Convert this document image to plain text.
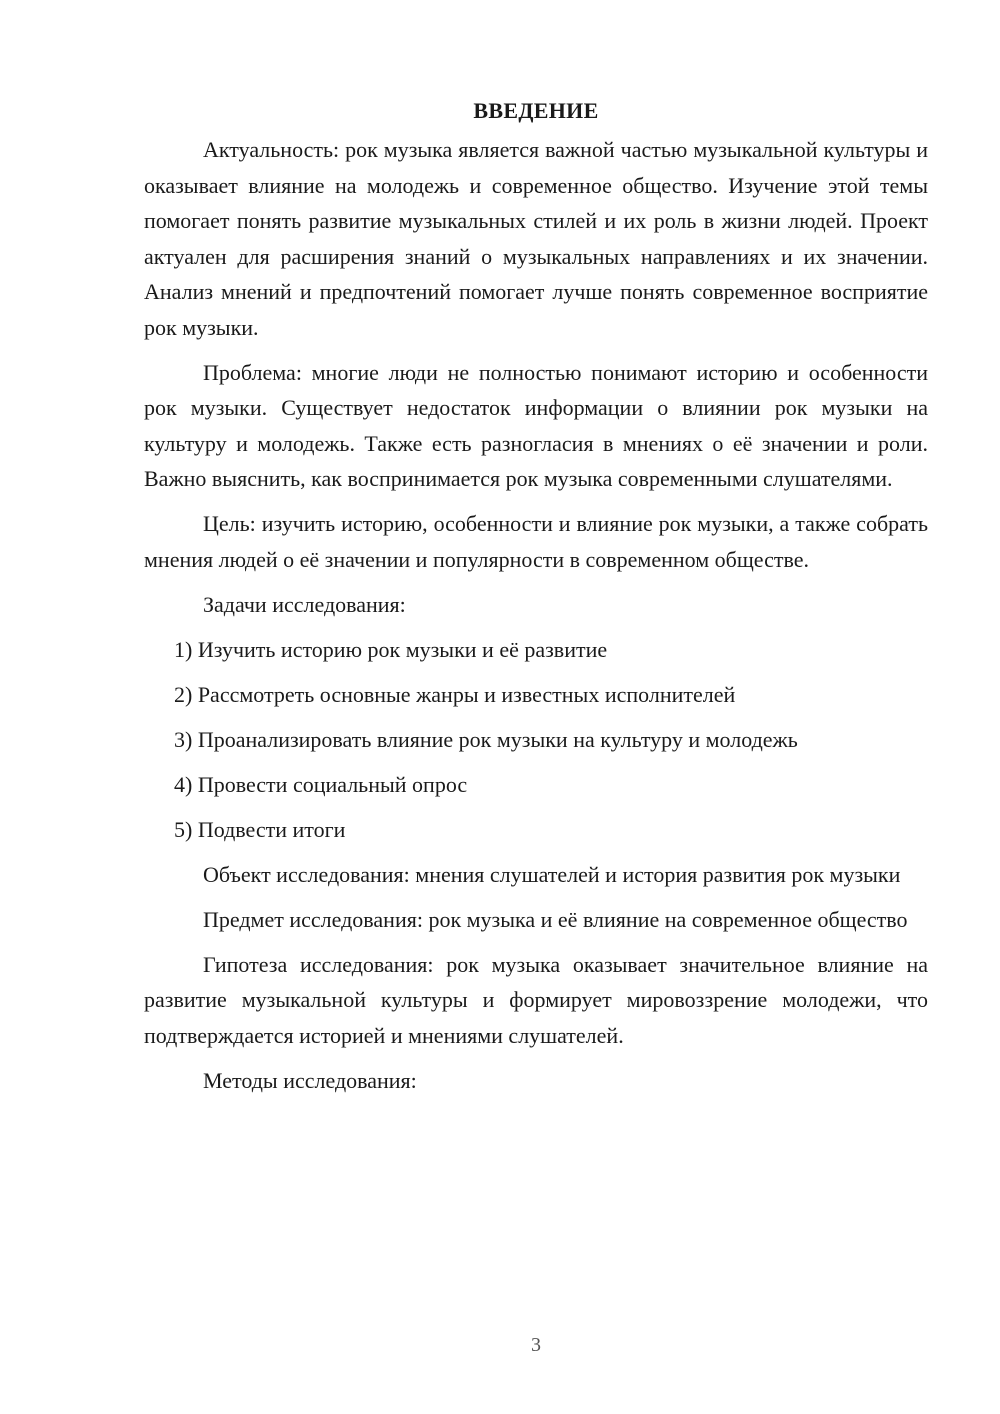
ВВЕДЕНИЕ

Актуальность: рок музыка является важной частью музыкальной культуры и оказывает влияние на молодежь и современное общество. Изучение этой темы помогает понять развитие музыкальных стилей и их роль в жизни людей. Проект актуален для расширения знаний о музыкальных направлениях и их значении. Анализ мнений и предпочтений помогает лучше понять современное восприятие рок музыки.

Проблема: многие люди не полностью понимают историю и особенности рок музыки. Существует недостаток информации о влиянии рок музыки на культуру и молодежь. Также есть разногласия в мнениях о её значении и роли. Важно выяснить, как воспринимается рок музыка современными слушателями.

Цель: изучить историю, особенности и влияние рок музыки, а также собрать мнения людей о её значении и популярности в современном обществе.

Задачи исследования:

1) Изучить историю рок музыки и её развитие
2) Рассмотреть основные жанры и известных исполнителей
3) Проанализировать влияние рок музыки на культуру и молодежь
4) Провести социальный опрос
5) Подвести итоги

Объект исследования: мнения слушателей и история развития рок музыки

Предмет исследования: рок музыка и её влияние на современное общество

Гипотеза исследования: рок музыка оказывает значительное влияние на развитие музыкальной культуры и формирует мировоззрение молодежи, что подтверждается историей и мнениями слушателей.

Методы исследования:

3
